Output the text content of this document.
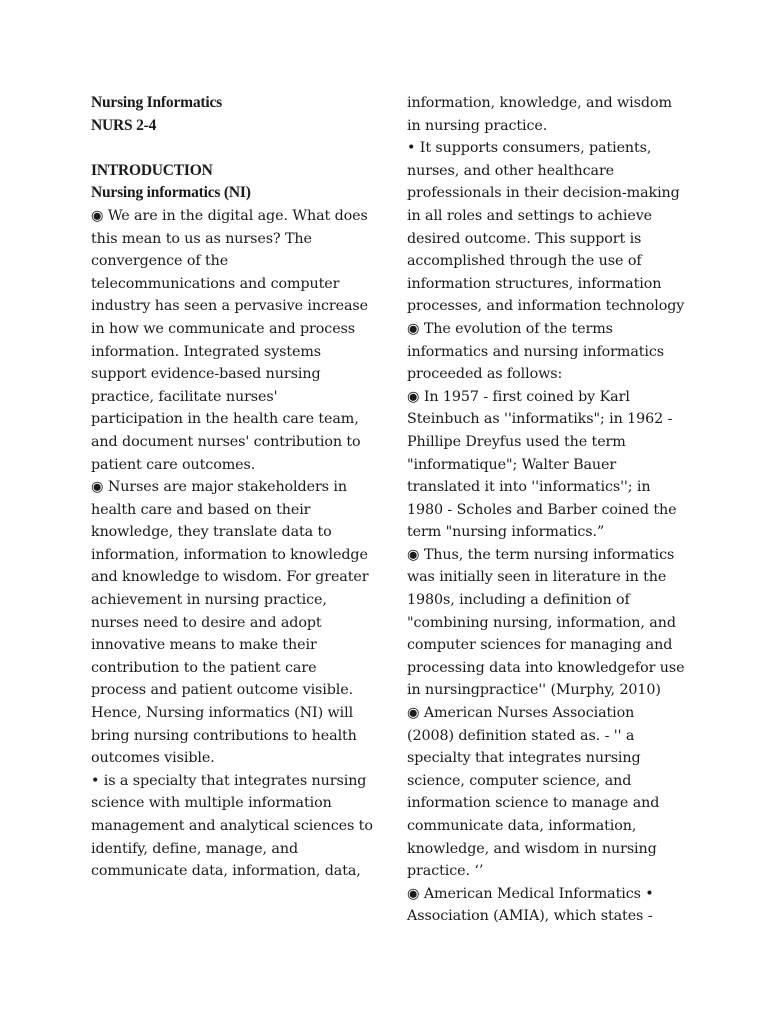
Nursing Informatics
NURS 2-4
INTRODUCTION
Nursing informatics (NI)
◉ We are in the digital age. What does
this mean to us as nurses? The
convergence of the
telecommunications and computer
industry has seen a pervasive increase
in how we communicate and process
information. Integrated systems
support evidence-based nursing
practice, facilitate nurses'
participation in the health care team,
and document nurses' contribution to
patient care outcomes.
◉ Nurses are major stakeholders in
health care and based on their
knowledge, they translate data to
information, information to knowledge
and knowledge to wisdom. For greater
achievement in nursing practice,
nurses need to desire and adopt
innovative means to make their
contribution to the patient care
process and patient outcome visible.
Hence, Nursing informatics (NI) will
bring nursing contributions to health
outcomes visible.
• is a specialty that integrates nursing
science with multiple information
management and analytical sciences to
identify, define, manage, and
communicate data, information, data,
information, knowledge, and wisdom
in nursing practice.
• It supports consumers, patients,
nurses, and other healthcare
professionals in their decision-making
in all roles and settings to achieve
desired outcome. This support is
accomplished through the use of
information structures, information
processes, and information technology
◉ The evolution of the terms
informatics and nursing informatics
proceeded as follows:
◉ In 1957 - first coined by Karl
Steinbuch as ''informatiks"; in 1962 -
Phillipe Dreyfus used the term
"informatique"; Walter Bauer
translated it into ''informatics''; in
1980 - Scholes and Barber coined the
term "nursing informatics.”
◉ Thus, the term nursing informatics
was initially seen in literature in the
1980s, including a definition of
"combining nursing, information, and
computer sciences for managing and
processing data into knowledgefor use
in nursingpractice'' (Murphy, 2010)
◉ American Nurses Association
(2008) definition stated as. - '' a
specialty that integrates nursing
science, computer science, and
information science to manage and
communicate data, information,
knowledge, and wisdom in nursing
practice. ‘’
◉ American Medical Informatics •
Association (AMIA), which states -
